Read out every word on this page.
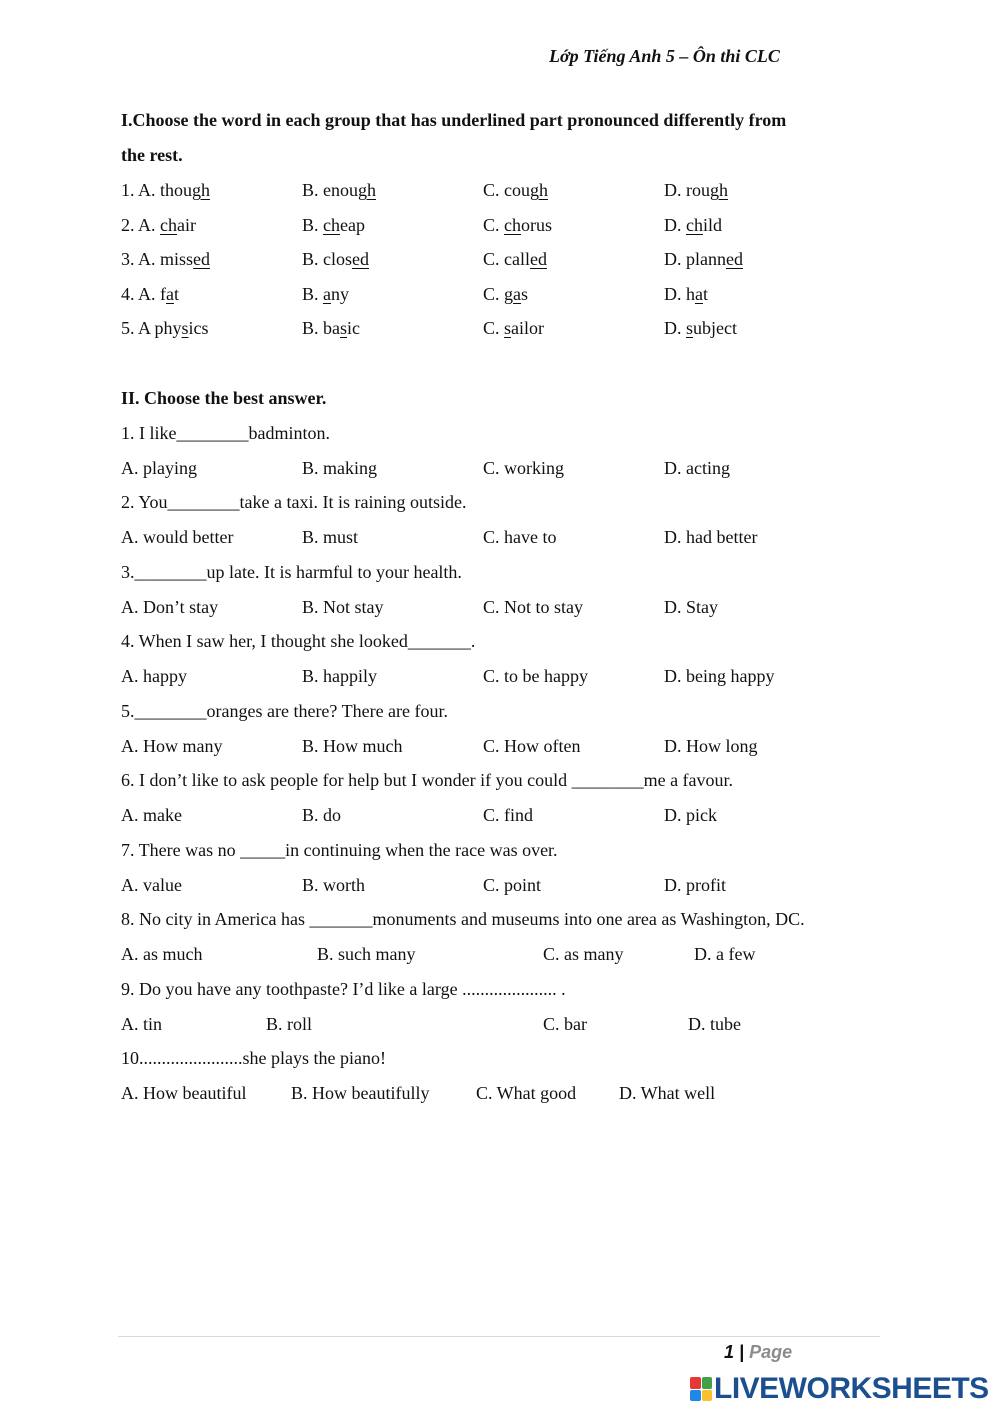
Lớp Tiếng Anh 5 – Ôn thi CLC
I.Choose the word in each group that has underlined part pronounced differently from
the rest.
1. A. though	B. enough	C. cough	D. rough
2. A. chair	B. cheap	C. chorus	D. child
3. A. missed	B. closed	C. called	D. planned
4. A. fat	B. any	C. gas	D. hat
5. A physics	B. basic	C. sailor	D. subject
II. Choose the best answer.
1. I like________badminton.
A. playing	B. making	C. working	D. acting
2. You________take a taxi. It is raining outside.
A. would better	B. must	C. have to	D. had better
3.________up late. It is harmful to your health.
A. Don’t stay	B. Not stay	C. Not to stay	D. Stay
4. When I saw her, I thought she looked_______.
A. happy	B. happily	C. to be happy	D. being happy
5.________oranges are there? There are four.
A. How many	B. How much	C. How often	D. How long
6. I don’t like to ask people for help but I wonder if you could ________me a favour.
A. make	B. do	C. find	D. pick
7. There was no _____in continuing when the race was over.
A. value	B. worth	C. point	D. profit
8. No city in America has _______monuments and museums into one area as Washington, DC.
A. as much	B. such many	C. as many	D. a few
9. Do you have any toothpaste? I’d like a large ..................... .
A. tin	B. roll	C. bar	D. tube
10.......................she plays the piano!
A. How beautiful B. How beautifully	C. What good D. What well
1 | Page
LIVEWORKSHEETS
